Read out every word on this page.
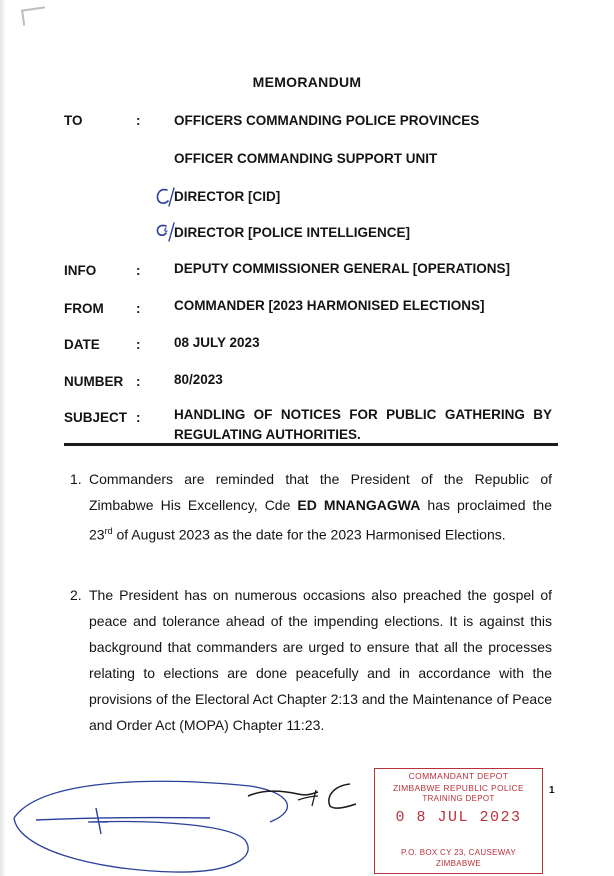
MEMORANDUM
TO	: OFFICERS COMMANDING POLICE PROVINCES
OFFICER COMMANDING SUPPORT UNIT
DIRECTOR [CID]
DIRECTOR [POLICE INTELLIGENCE]
INFO	: DEPUTY COMMISSIONER GENERAL [OPERATIONS]
FROM : COMMANDER [2023 HARMONISED ELECTIONS]
DATE	: 08 JULY 2023
NUMBER : 80/2023
SUBJECT : HANDLING OF NOTICES FOR PUBLIC GATHERING BY REGULATING AUTHORITIES.
1. Commanders are reminded that the President of the Republic of Zimbabwe His Excellency, Cde ED MNANGAGWA has proclaimed the 23rd of August 2023 as the date for the 2023 Harmonised Elections.
2. The President has on numerous occasions also preached the gospel of peace and tolerance ahead of the impending elections. It is against this background that commanders are urged to ensure that all the processes relating to elections are done peacefully and in accordance with the provisions of the Electoral Act Chapter 2:13 and the Maintenance of Peace and Order Act (MOPA) Chapter 11:23.
COMMANDANT DEPOT
ZIMBABWE REPUBLIC POLICE
TRAINING DEPOT
0 8 JUL 2023
P.O. BOX CY 23, CAUSEWAY
ZIMBABWE
1
